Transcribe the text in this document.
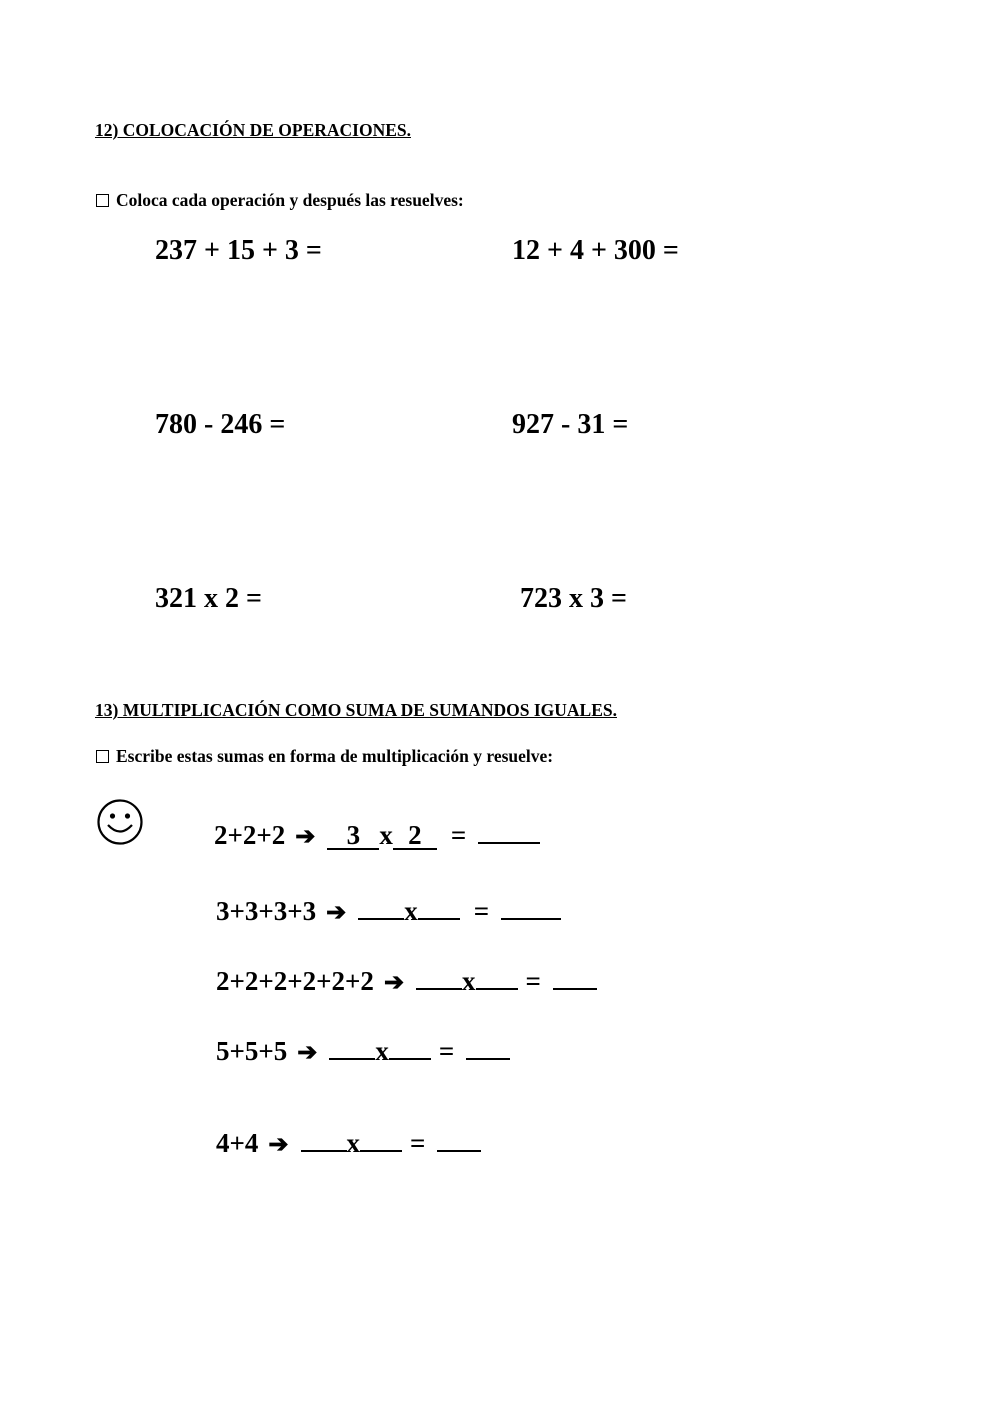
12) COLOCACIÓN DE OPERACIONES.
Coloca cada operación y después las resuelves:
237 + 15 + 3 =	12 + 4 + 300 =
780 - 246 =	927 - 31 =
321 x 2 =	723 x 3 =
13) MULTIPLICACIÓN COMO SUMA DE SUMANDOS IGUALES.
Escribe estas sumas en forma de multiplicación y resuelve:
2+2+2 ➔	3 x 2	=
3+3+3+3 ➔ x =
2+2+2+2+2+2 ➔ x =
5+5+5 ➔ x =
4+4 ➔ x =
